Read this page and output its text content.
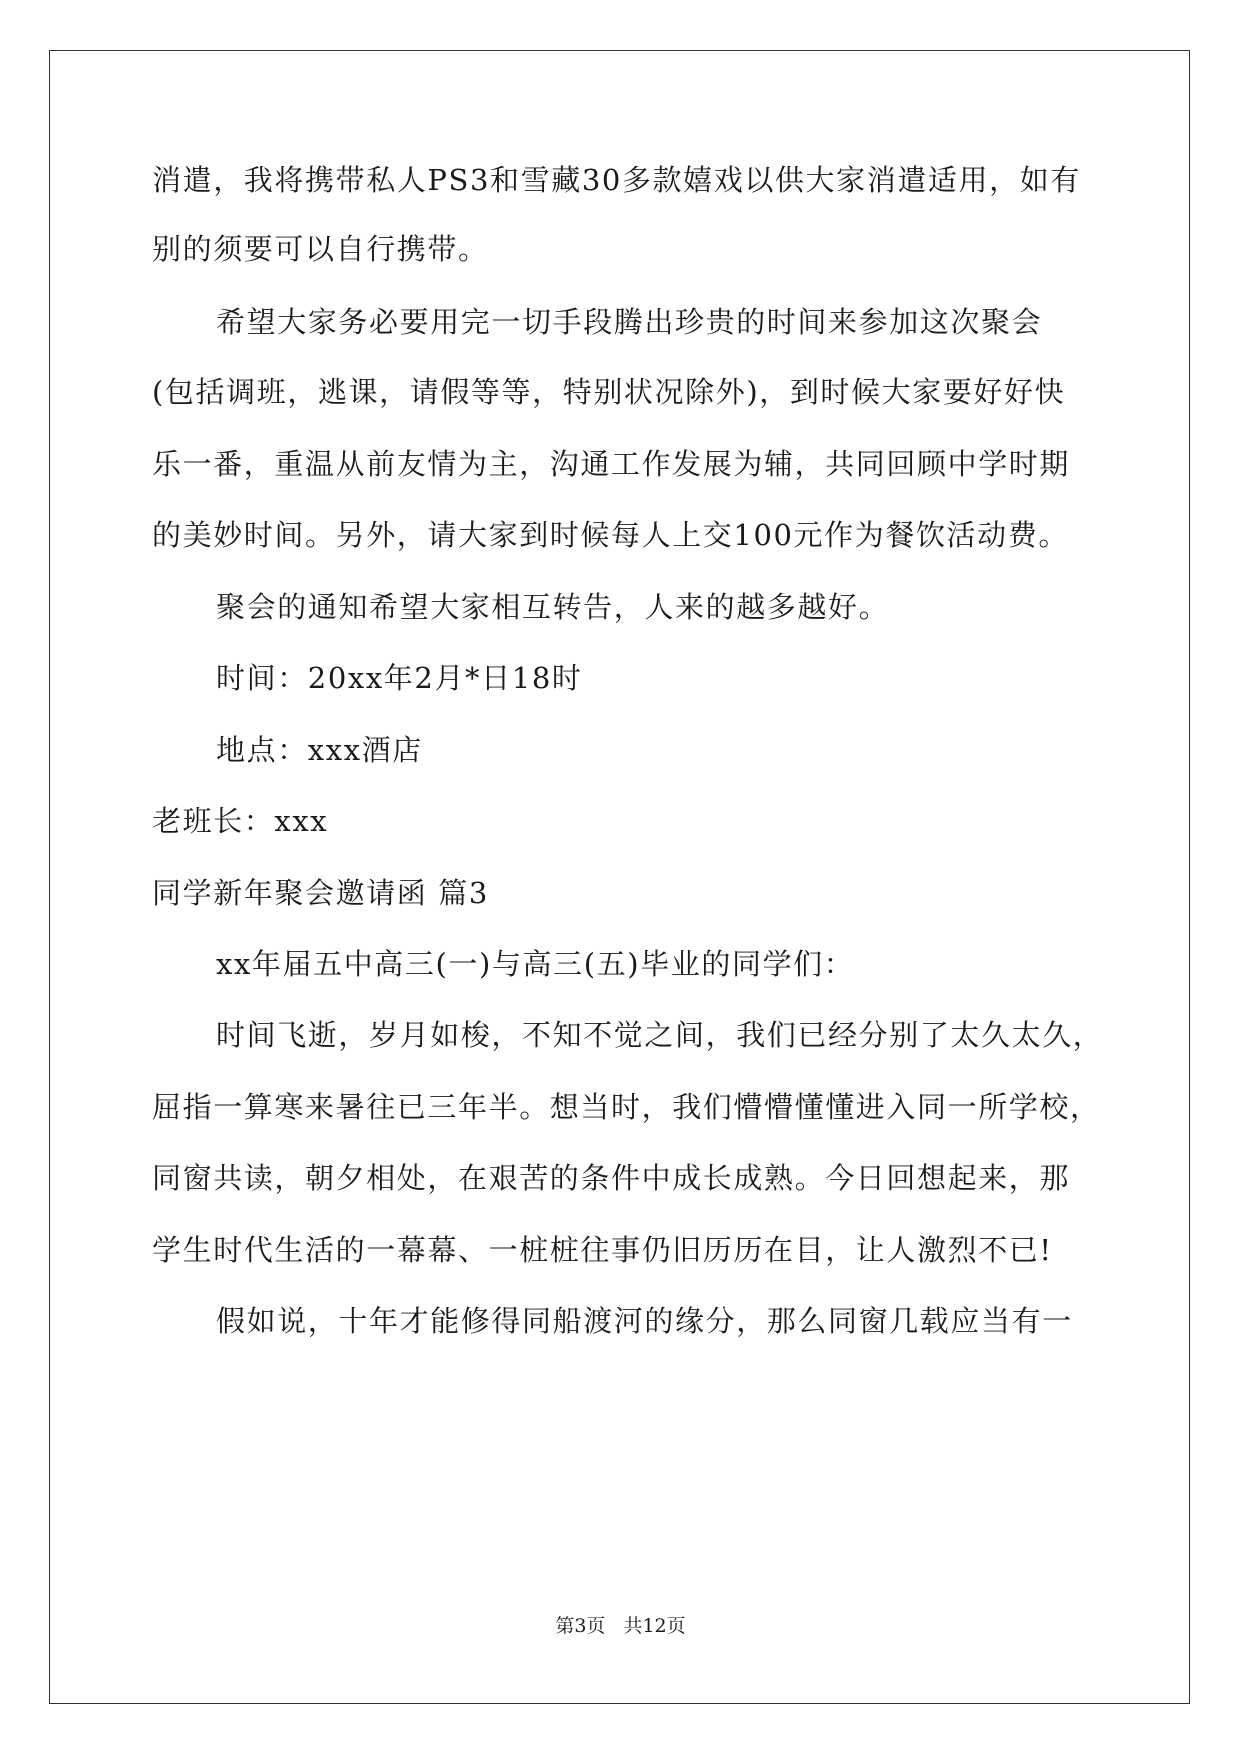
消遣，我将携带私人PS3和雪藏30多款嬉戏以供大家消遣适用，如有
别的须要可以自行携带。
希望大家务必要用完一切手段腾出珍贵的时间来参加这次聚会
(包括调班，逃课，请假等等，特别状况除外)，到时候大家要好好快
乐一番，重温从前友情为主，沟通工作发展为辅，共同回顾中学时期
的美妙时间。另外，请大家到时候每人上交100元作为餐饮活动费。
聚会的通知希望大家相互转告，人来的越多越好。
时间：20xx年2月*日18时
地点：xxx酒店
老班长：xxx
同学新年聚会邀请函 篇3
xx年届五中高三(一)与高三(五)毕业的同学们：
时间飞逝，岁月如梭，不知不觉之间，我们已经分别了太久太久，
屈指一算寒来暑往已三年半。想当时，我们懵懵懂懂进入同一所学校，
同窗共读，朝夕相处，在艰苦的条件中成长成熟。今日回想起来，那
学生时代生活的一幕幕、一桩桩往事仍旧历历在目，让人激烈不已!
假如说，十年才能修得同船渡河的缘分，那么同窗几载应当有一
第3页 共12页
